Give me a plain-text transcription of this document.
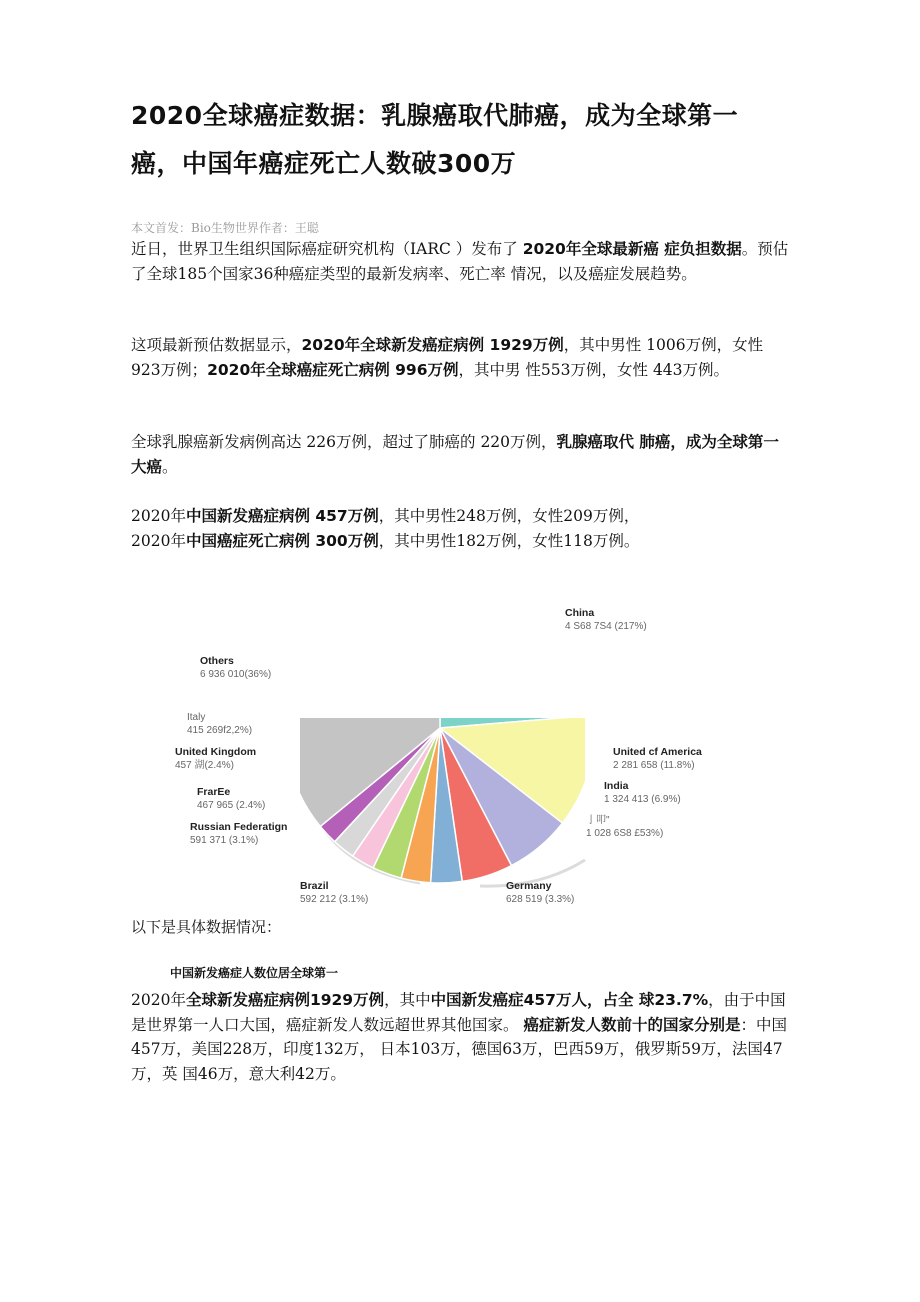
2020全球癌症数据：乳腺癌取代肺癌，成为全球第一癌，中国年癌症死亡人数破300万
本文首发：Bio生物世界作者：王聪
近日，世界卫生组织国际癌症研究机构（IARC ）发布了 2020年全球最新癌 症负担数据。预估了全球185个国家36种癌症类型的最新发病率、死亡率 情况，以及癌症发展趋势。
这项最新预估数据显示，2020年全球新发癌症病例 1929万例，其中男性 1006万例，女性923万例；2020年全球癌症死亡病例 996万例，其中男 性553万例，女性 443万例。
全球乳腺癌新发病例高达 226万例，超过了肺癌的 220万例，乳腺癌取代 肺癌，成为全球第一大癌。
2020年中国新发癌症病例 457万例，其中男性248万例，女性209万例，
2020年中国癌症死亡病例 300万例，其中男性182万例，女性118万例。
China
4 S68 7S4 (217%)
Others
6 936 010(36%)
Italy
415 269f2,2%)
United Kingdom
457 湖(2.4%)
FrarEe
467 965 (2.4%)
Russian Federatign
591 371 (3.1%)
Brazil
592 212 (3.1%)
Germany
628 519 (3.3%)
亅叩"
1 028 6S8 £53%)
India
1 324 413 (6.9%)
United cf America
2 281 658 (11.8%)
以下是具体数据情况：
中国新发癌症人数位居全球第一
2020年全球新发癌症病例1929万例，其中中国新发癌症457万人，占全 球23.7%，由于中国是世界第一人口大国，癌症新发人数远超世界其他国家。 癌症新发人数前十的国家分别是：中国457万，美国228万，印度132万， 日本103万，德国63万，巴西59万，俄罗斯59万，法国47万，英 国46万，意大利42万。
